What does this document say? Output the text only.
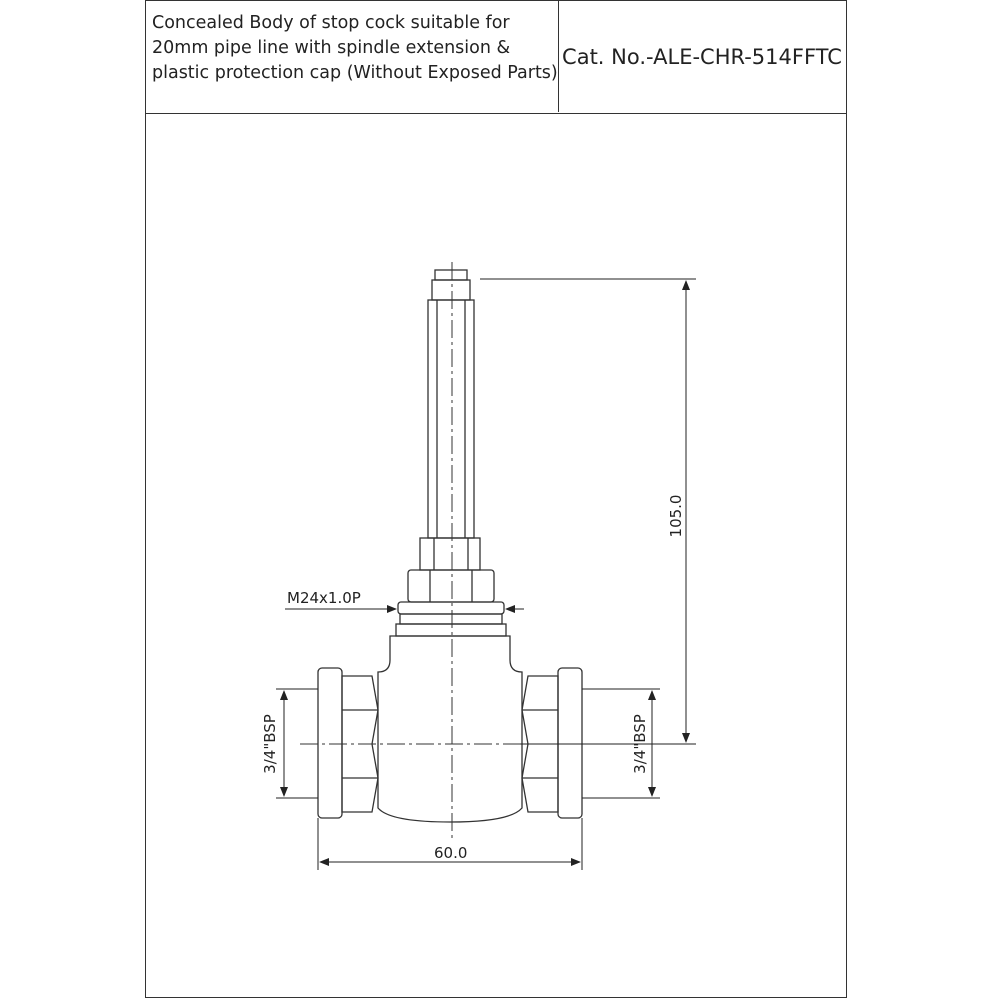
Concealed Body of stop cock suitable for
20mm pipe line with spindle extension &
plastic protection cap (Without Exposed Parts)
Cat. No.-ALE-CHR-514FFTC
M24x1.0P
60.0
105.0
3/4"BSP	3/4"BSP
